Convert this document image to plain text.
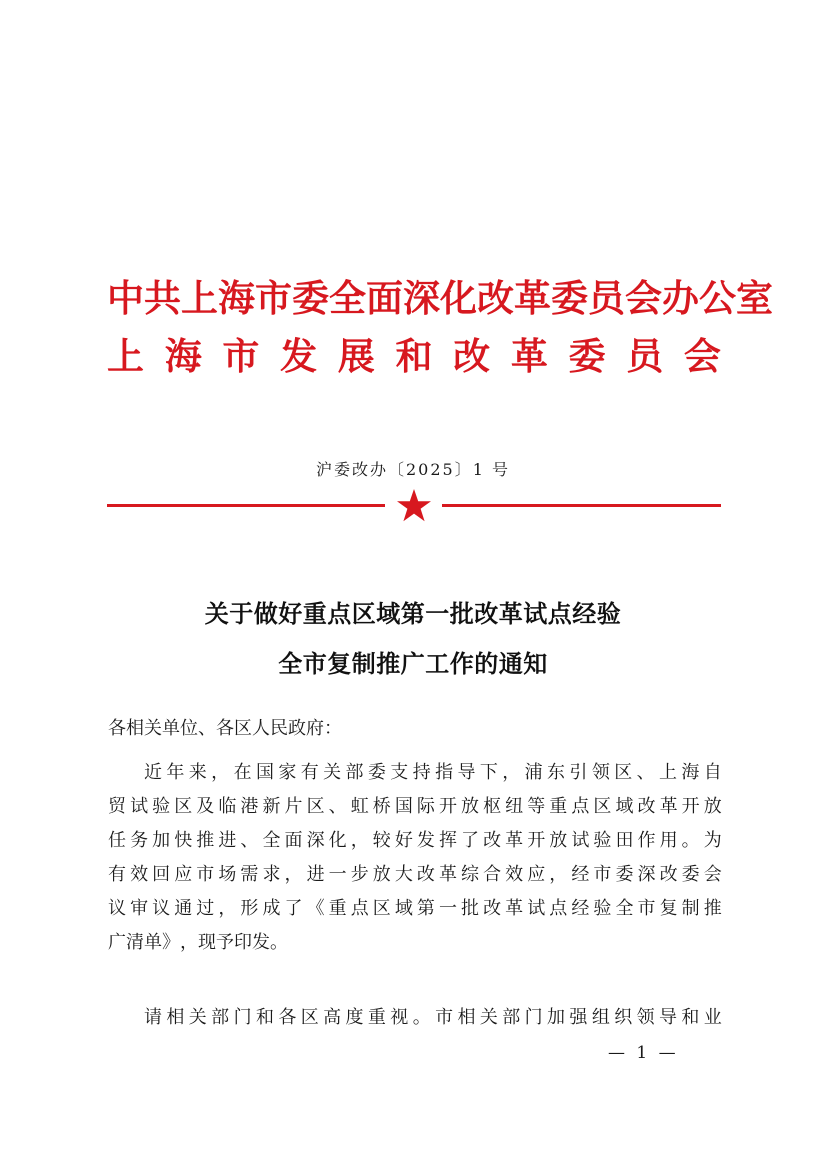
中 共 上 海 市 委 全 面 深 化 改 革 委 员 会 办 公 室
上 海 市 发 展 和 改 革 委 员 会
沪委改办〔2025〕1 号
关于做好重点区域第一批改革试点经验
全市复制推广工作的通知
各相关单位、各区人民政府：
近 年 来 ， 在 国 家 有 关 部 委 支 持 指 导 下 ， 浦 东 引 领 区 、 上 海 自
贸 试 验 区 及 临 港 新 片 区 、 虹 桥 国 际 开 放 枢 纽 等 重 点 区 域 改 革 开 放
任 务 加 快 推 进 、 全 面 深 化 ， 较 好 发 挥 了 改 革 开 放 试 验 田 作 用 。 为
有 效 回 应 市 场 需 求 ， 进 一 步 放 大 改 革 综 合 效 应 ， 经 市 委 深 改 委 会
议 审 议 通 过 ， 形 成 了 《 重 点 区 域 第 一 批 改 革 试 点 经 验 全 市 复 制 推
广 清 单 》 ， 现 予 印 发 。
请 相 关 部 门 和 各 区 高 度 重 视 。 市 相 关 部 门 加 强 组 织 领 导 和 业
— 1 —
